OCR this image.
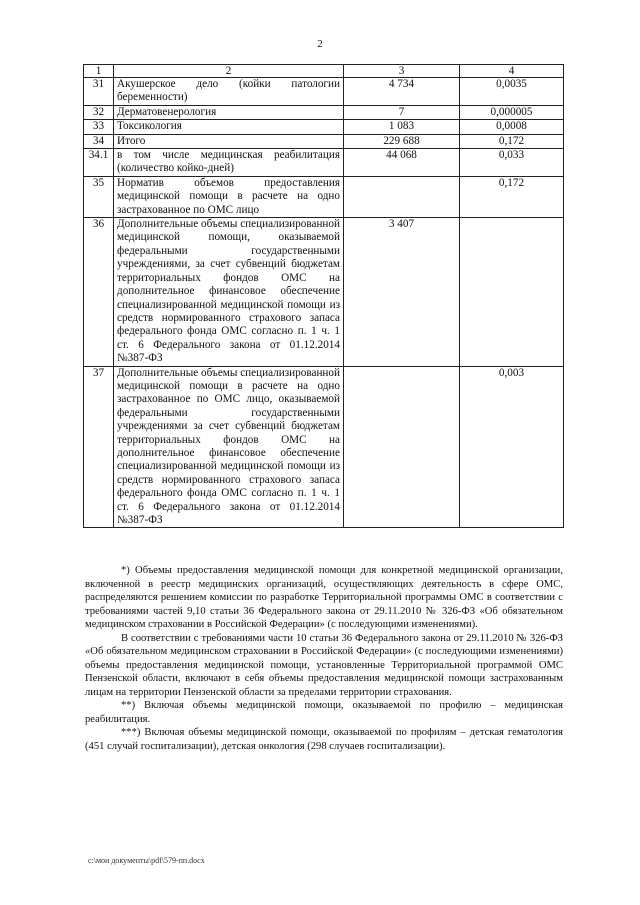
2
1	2	3	4
31	Акушерское дело (койки патологии беременности)	4 734	0,0035
32	Дерматовенерология	7	0,000005
33	Токсикология	1 083	0,0008
34	Итого	229 688	0,172
34.1	в том числе медицинская реабилитация (количество койко-дней)	44 068	0,033
35	Норматив объемов предоставления медицинской помощи в расчете на одно застрахованное по ОМС лицо		0,172
36	Дополнительные объемы специализированной медицинской помощи, оказываемой федеральными государственными учреждениями, за счет субвенций бюджетам территориальных фондов ОМС на дополнительное финансовое обеспечение специализированной медицинской помощи из средств нормированного страхового запаса федерального фонда ОМС согласно п. 1 ч. 1 ст. 6 Федерального закона от 01.12.2014 №387-ФЗ	3 407	
37	Дополнительные объемы специализированной медицинской помощи в расчете на одно застрахованное по ОМС лицо, оказываемой федеральными государственными учреждениями за счет субвенций бюджетам территориальных фондов ОМС на дополнительное финансовое обеспечение специализированной медицинской помощи из средств нормированного страхового запаса федерального фонда ОМС согласно п. 1 ч. 1 ст. 6 Федерального закона от 01.12.2014 №387-ФЗ		0,003

*) Объемы предоставления медицинской помощи для конкретной медицинской организации, включенной в реестр медицинских организаций, осуществляющих деятельность в сфере ОМС, распределяются решением комиссии по разработке Территориальной программы ОМС в соответствии с требованиями частей 9,10 статьи 36 Федерального закона от 29.11.2010 № 326-ФЗ «Об обязательном медицинском страховании в Российской Федерации» (с последующими изменениями).

В соответствии с требованиями части 10 статьи 36 Федерального закона от 29.11.2010 № 326-ФЗ «Об обязательном медицинском страховании в Российской Федерации» (с последующими изменениями) объемы предоставления медицинской помощи, установленные Территориальной программой ОМС Пензенской области, включают в себя объемы предоставления медицинской помощи застрахованным лицам на территории Пензенской области за пределами территории страхования.

**) Включая объемы медицинской помощи, оказываемой по профилю – медицинская реабилитация.

***) Включая объемы медицинской помощи, оказываемой по профилям – детская гематология (451 случай госпитализации), детская онкология (298 случаев госпитализации).

c:\мои документы\pdf\579-пп.docx
